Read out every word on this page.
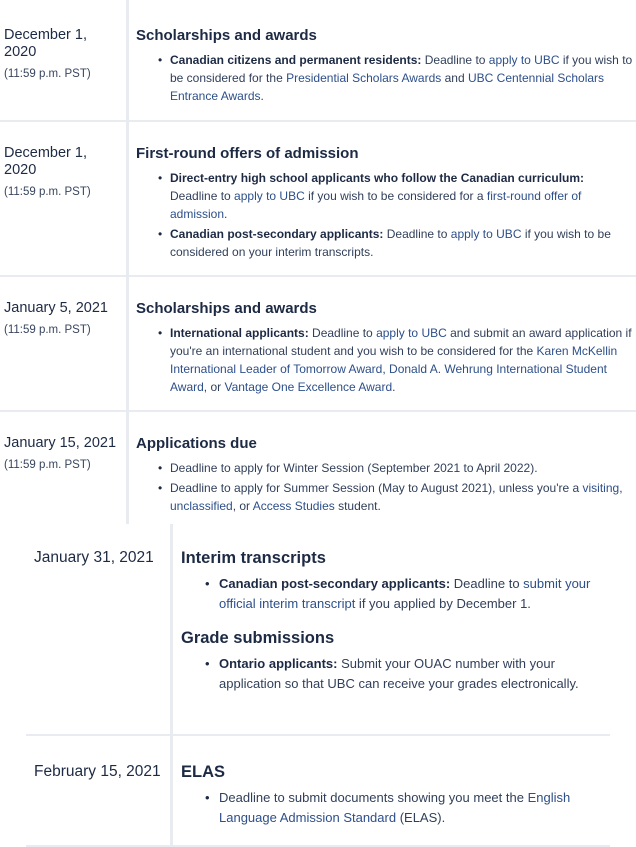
December 1, 2020
(11:59 p.m. PST)
Scholarships and awards
• Canadian citizens and permanent residents: Deadline to apply to UBC if you wish to be considered for the Presidential Scholars Awards and UBC Centennial Scholars Entrance Awards.
December 1, 2020
(11:59 p.m. PST)
First-round offers of admission
• Direct-entry high school applicants who follow the Canadian curriculum: Deadline to apply to UBC if you wish to be considered for a first-round offer of admission.
• Canadian post-secondary applicants: Deadline to apply to UBC if you wish to be considered on your interim transcripts.
January 5, 2021
(11:59 p.m. PST)
Scholarships and awards
• International applicants: Deadline to apply to UBC and submit an award application if you're an international student and you wish to be considered for the Karen McKellin International Leader of Tomorrow Award, Donald A. Wehrung International Student Award, or Vantage One Excellence Award.
January 15, 2021
(11:59 p.m. PST)
Applications due
• Deadline to apply for Winter Session (September 2021 to April 2022).
• Deadline to apply for Summer Session (May to August 2021), unless you're a visiting, unclassified, or Access Studies student.
January 31, 2021	Interim transcripts
• Canadian post-secondary applicants: Deadline to submit your official interim transcript if you applied by December 1.
Grade submissions
• Ontario applicants: Submit your OUAC number with your application so that UBC can receive your grades electronically.
February 15, 2021	ELAS
• Deadline to submit documents showing you meet the English Language Admission Standard (ELAS).
